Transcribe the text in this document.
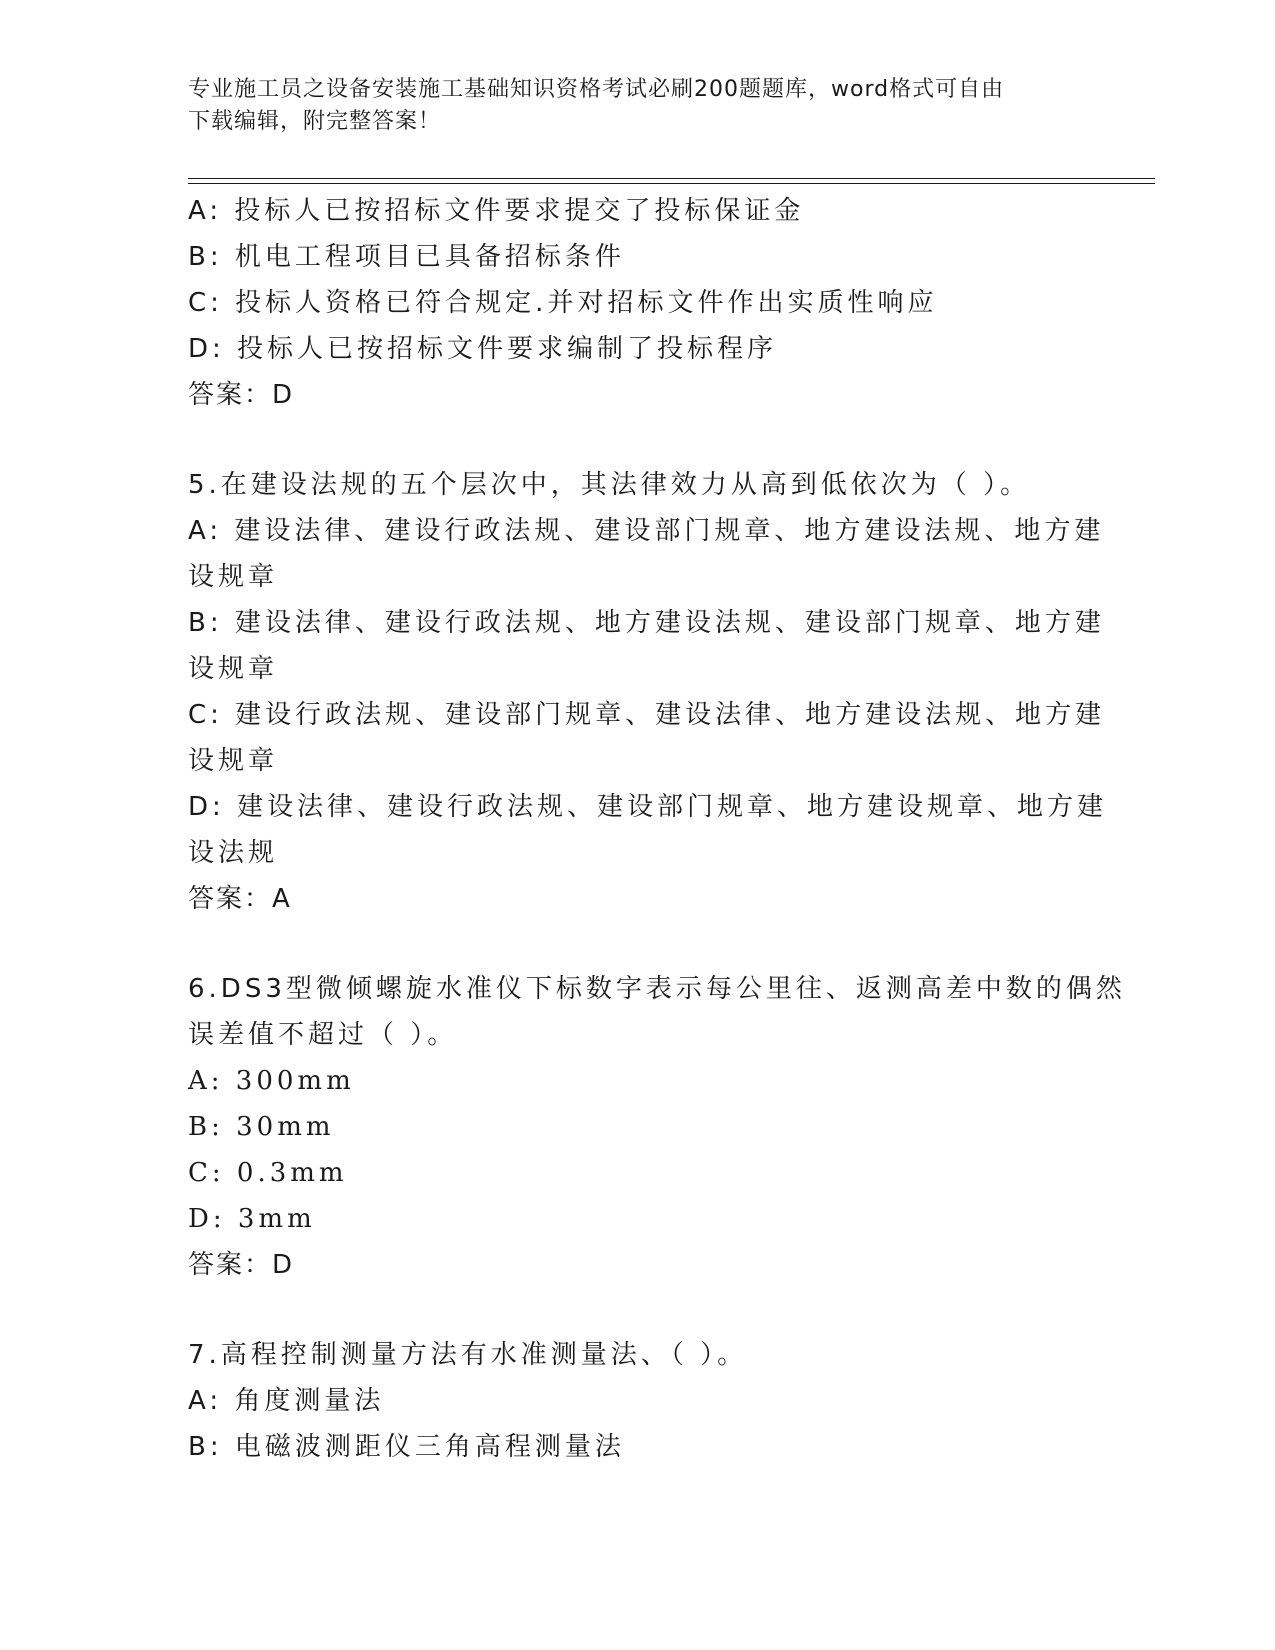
专业施工员之设备安装施工基础知识资格考试必刷200题题库，word格式可自由
下载编辑，附完整答案！
A: 投标人已按招标文件要求提交了投标保证金
B: 机电工程项目已具备招标条件
C: 投标人资格已符合规定.并对招标文件作出实质性响应
D: 投标人已按招标文件要求编制了投标程序
答案：D
5.在建设法规的五个层次中，其法律效力从高到低依次为（ ）。
A: 建设法律、建设行政法规、建设部门规章、地方建设法规、地方建
设规章
B: 建设法律、建设行政法规、地方建设法规、建设部门规章、地方建
设规章
C: 建设行政法规、建设部门规章、建设法律、地方建设法规、地方建
设规章
D: 建设法律、建设行政法规、建设部门规章、地方建设规章、地方建
设法规
答案：A
6.DS3型微倾螺旋水准仪下标数字表示每公里往、返测高差中数的偶然
误差值不超过（ ）。
A: 300mm
B: 30mm
C: 0.3mm
D: 3mm
答案：D
7.高程控制测量方法有水准测量法、（ ）。
A: 角度测量法
B: 电磁波测距仪三角高程测量法
